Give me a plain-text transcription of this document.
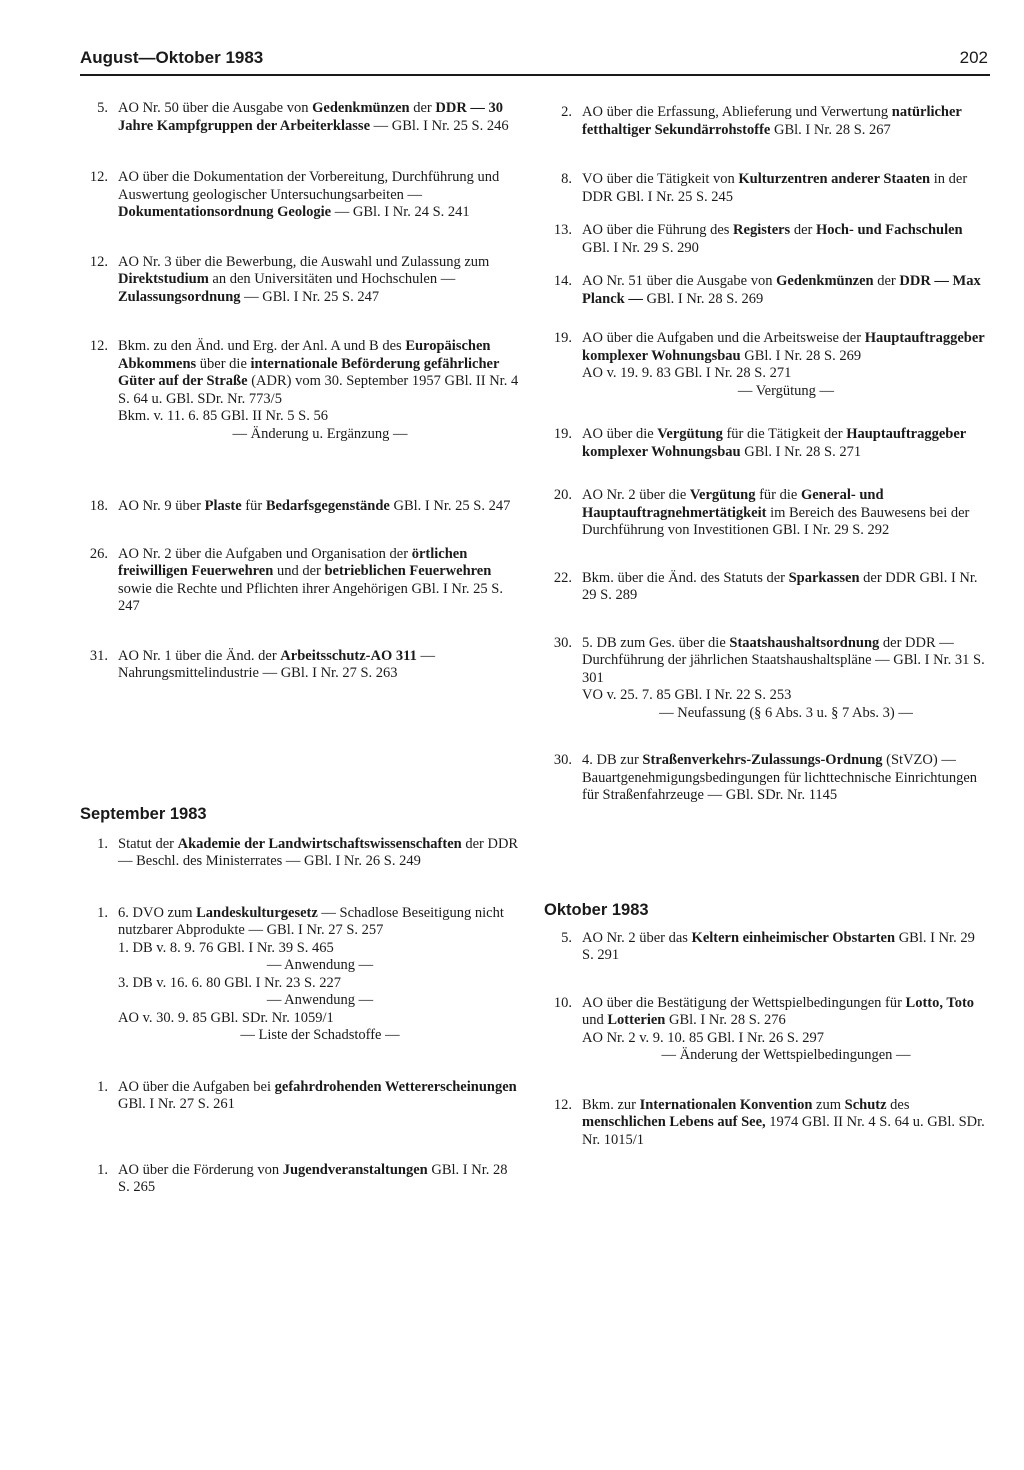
August—Oktober 1983	202
5. AO Nr. 50 über die Ausgabe von Gedenkmünzen der DDR — 30 Jahre Kampfgruppen der Arbeiterklasse — GBl. I Nr. 25 S. 246
12. AO über die Dokumentation der Vorbereitung, Durchführung und Auswertung geologischer Untersuchungsarbeiten — Dokumentationsordnung Geologie — GBl. I Nr. 24 S. 241
12. AO Nr. 3 über die Bewerbung, die Auswahl und Zulassung zum Direktstudium an den Universitäten und Hochschulen — Zulassungsordnung — GBl. I Nr. 25 S. 247
12. Bkm. zu den Änd. und Erg. der Anl. A und B des Europäischen Abkommens über die internationale Beförderung gefährlicher Güter auf der Straße (ADR) vom 30. September 1957 GBl. II Nr. 4 S. 64 u. GBl. SDr. Nr. 773/5
Bkm. v. 11. 6. 85 GBl. II Nr. 5 S. 56
— Änderung u. Ergänzung —
18. AO Nr. 9 über Plaste für Bedarfsgegenstände GBl. I Nr. 25 S. 247
26. AO Nr. 2 über die Aufgaben und Organisation der örtlichen freiwilligen Feuerwehren und der betrieblichen Feuerwehren sowie die Rechte und Pflichten ihrer Angehörigen GBl. I Nr. 25 S. 247
31. AO Nr. 1 über die Änd. der Arbeitsschutz-AO 311 — Nahrungsmittelindustrie — GBl. I Nr. 27 S. 263
September 1983
1. Statut der Akademie der Landwirtschaftswissenschaften der DDR — Beschl. des Ministerrates — GBl. I Nr. 26 S. 249
1. 6. DVO zum Landeskulturgesetz — Schadlose Beseitigung nicht nutzbarer Abprodukte — GBl. I Nr. 27 S. 257
1. DB v. 8. 9. 76 GBl. I Nr. 39 S. 465
— Anwendung —
3. DB v. 16. 6. 80 GBl. I Nr. 23 S. 227
— Anwendung —
AO v. 30. 9. 85 GBl. SDr. Nr. 1059/1
— Liste der Schadstoffe —
1. AO über die Aufgaben bei gefahrdrohenden Wettererscheinungen GBl. I Nr. 27 S. 261
1. AO über die Förderung von Jugendveranstaltungen GBl. I Nr. 28 S. 265
2. AO über die Erfassung, Ablieferung und Verwertung natürlicher fetthaltiger Sekundärrohstoffe GBl. I Nr. 28 S. 267
8. VO über die Tätigkeit von Kulturzentren anderer Staaten in der DDR GBl. I Nr. 25 S. 245
13. AO über die Führung des Registers der Hoch- und Fachschulen GBl. I Nr. 29 S. 290
14. AO Nr. 51 über die Ausgabe von Gedenkmünzen der DDR — Max Planck — GBl. I Nr. 28 S. 269
19. AO über die Aufgaben und die Arbeitsweise der Hauptauftraggeber komplexer Wohnungsbau GBl. I Nr. 28 S. 269
AO v. 19. 9. 83 GBl. I Nr. 28 S. 271
— Vergütung —
19. AO über die Vergütung für die Tätigkeit der Hauptauftraggeber komplexer Wohnungsbau GBl. I Nr. 28 S. 271
20. AO Nr. 2 über die Vergütung für die General- und Hauptauftragnehmertätigkeit im Bereich des Bauwesens bei der Durchführung von Investitionen GBl. I Nr. 29 S. 292
22. Bkm. über die Änd. des Statuts der Sparkassen der DDR GBl. I Nr. 29 S. 289
30. 5. DB zum Ges. über die Staatshaushaltsordnung der DDR — Durchführung der jährlichen Staatshaushaltspläne — GBl. I Nr. 31 S. 301
VO v. 25. 7. 85 GBl. I Nr. 22 S. 253
— Neufassung (§ 6 Abs. 3 u. § 7 Abs. 3) —
30. 4. DB zur Straßenverkehrs-Zulassungs-Ordnung (StVZO) — Bauartgenehmigungsbedingungen für lichttechnische Einrichtungen für Straßenfahrzeuge — GBl. SDr. Nr. 1145
Oktober 1983
5. AO Nr. 2 über das Keltern einheimischer Obstarten GBl. I Nr. 29 S. 291
10. AO über die Bestätigung der Wettspielbedingungen für Lotto, Toto und Lotterien GBl. I Nr. 28 S. 276
AO Nr. 2 v. 9. 10. 85 GBl. I Nr. 26 S. 297
— Änderung der Wettspielbedingungen —
12. Bkm. zur Internationalen Konvention zum Schutz des menschlichen Lebens auf See, 1974 GBl. II Nr. 4 S. 64 u. GBl. SDr. Nr. 1015/1
